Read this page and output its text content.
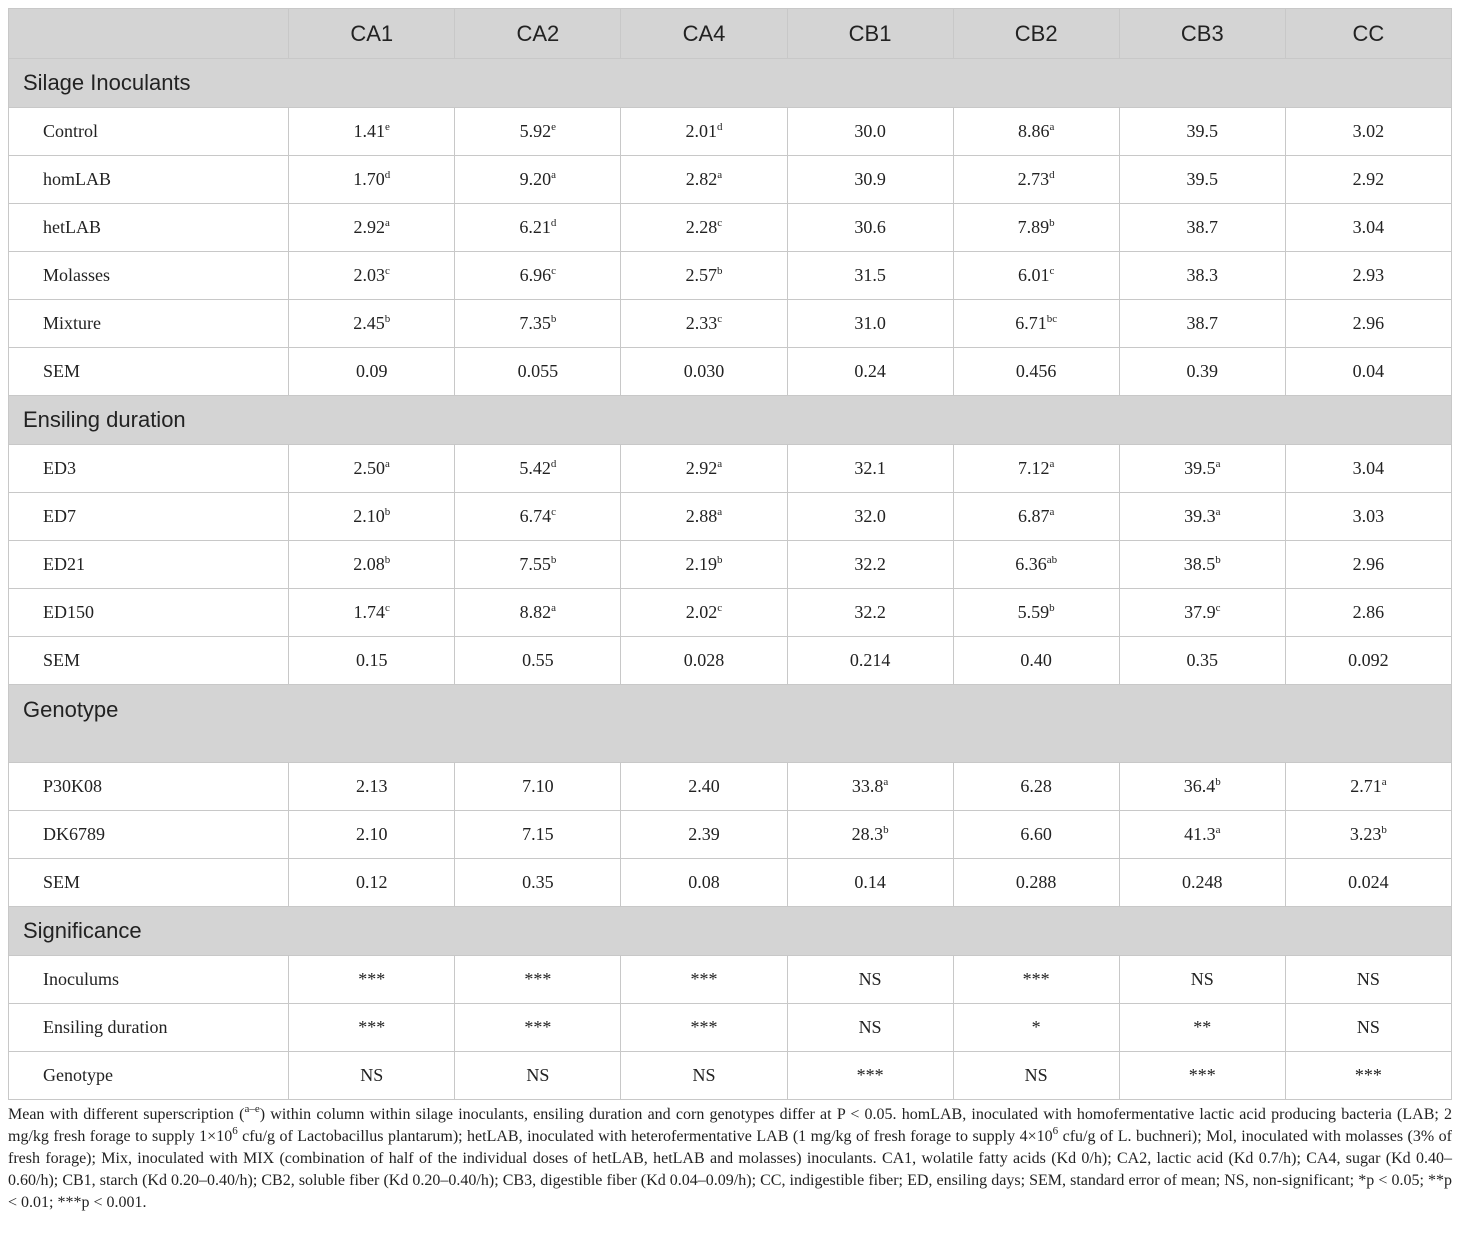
	CA1	CA2	CA4	CB1	CB2	CB3	CC
Silage Inoculants							
Control	1.41e	5.92e	2.01$^d$	30.0	8.86$^a$	39.5	3.02
homLAB	1.70$^d$	9.20$^a$	2.82$^a$	30.9	2.73$^d$	39.5	2.92
hetLAB	2.92$^a$	6.21$^d$	2.28$^c$	30.6	7.89$^b$	38.7	3.04
Molasses	2.03$^c$	6.96$^c$	2.57$^b$	31.5	6.01$^c$	38.3	2.93
Mixture	2.45$^b$	7.35$^b$	2.33$^c$	31.0	6.71$^{bc}$	38.7	2.96
SEM	0.09	0.055	0.030	0.24	0.456	0.39	0.04
Ensiling duration							
ED3	2.50$^a$	5.42$^d$	2.92$^a$	32.1	7.12$^a$	39.5$^a$	3.04
ED7	2.10$^b$	6.74$^c$	2.88$^a$	32.0	6.87$^a$	39.3$^a$	3.03
ED21	2.08$^b$	7.55$^b$	2.19$^b$	32.2	6.36$^{ab}$	38.5$^b$	2.96
ED150	1.74$^c$	8.82$^a$	2.02$^c$	32.2	5.59$^b$	37.9$^c$	2.86
SEM	0.15	0.55	0.028	0.214	0.40	0.35	0.092
Genotype							
P30K08	2.13	7.10	2.40	33.8$^a$	6.28	36.4$^b$	2.71$^a$
DK6789	2.10	7.15	2.39	28.3$^b$	6.60	41.3$^a$	3.23$^b$
SEM	0.12	0.35	0.08	0.14	0.288	0.248	0.024
Significance							
Inoculums	***	***	***	NS	***	NS	NS
Ensiling duration	***	***	***	NS	*	**	NS
Genotype	NS	NS	NS	***	NS	***	***
Mean with different superscription ($^{a-e}$) within column within silage inoculants, ensiling duration and corn genotypes differ at P < 0.05. homLAB, inoculated with homofermentative lactic acid producing bacteria (LAB; 2 mg/kg fresh forage to supply $1\times 10^6$ cfu/g of Lactobacillus plantarum); hetLAB, inoculated with heterofermentative LAB (1 mg/kg of fresh forage to supply $4\times 10^6$ cfu/g of L. buchneri); Mol, inoculated with molasses (3% of fresh forage); Mix, inoculated with MIX (combination of half of the individual doses of hetLAB, hetLAB and molasses) inoculants. CA1, wolatile fatty acids (Kd 0/h); CA2, lactic acid (Kd 0.7/h); CA4, sugar (Kd 0.40–0.60/h); CB1, starch (Kd 0.20–0.40/h); CB2, soluble fiber (Kd 0.20–0.40/h); CB3, digestible fiber (Kd 0.04–0.09/h); CC, indigestible fiber; ED, ensiling days; SEM, standard error of mean; NS, non-significant; *p < 0.05; **p < 0.01; ***p < 0.001.
